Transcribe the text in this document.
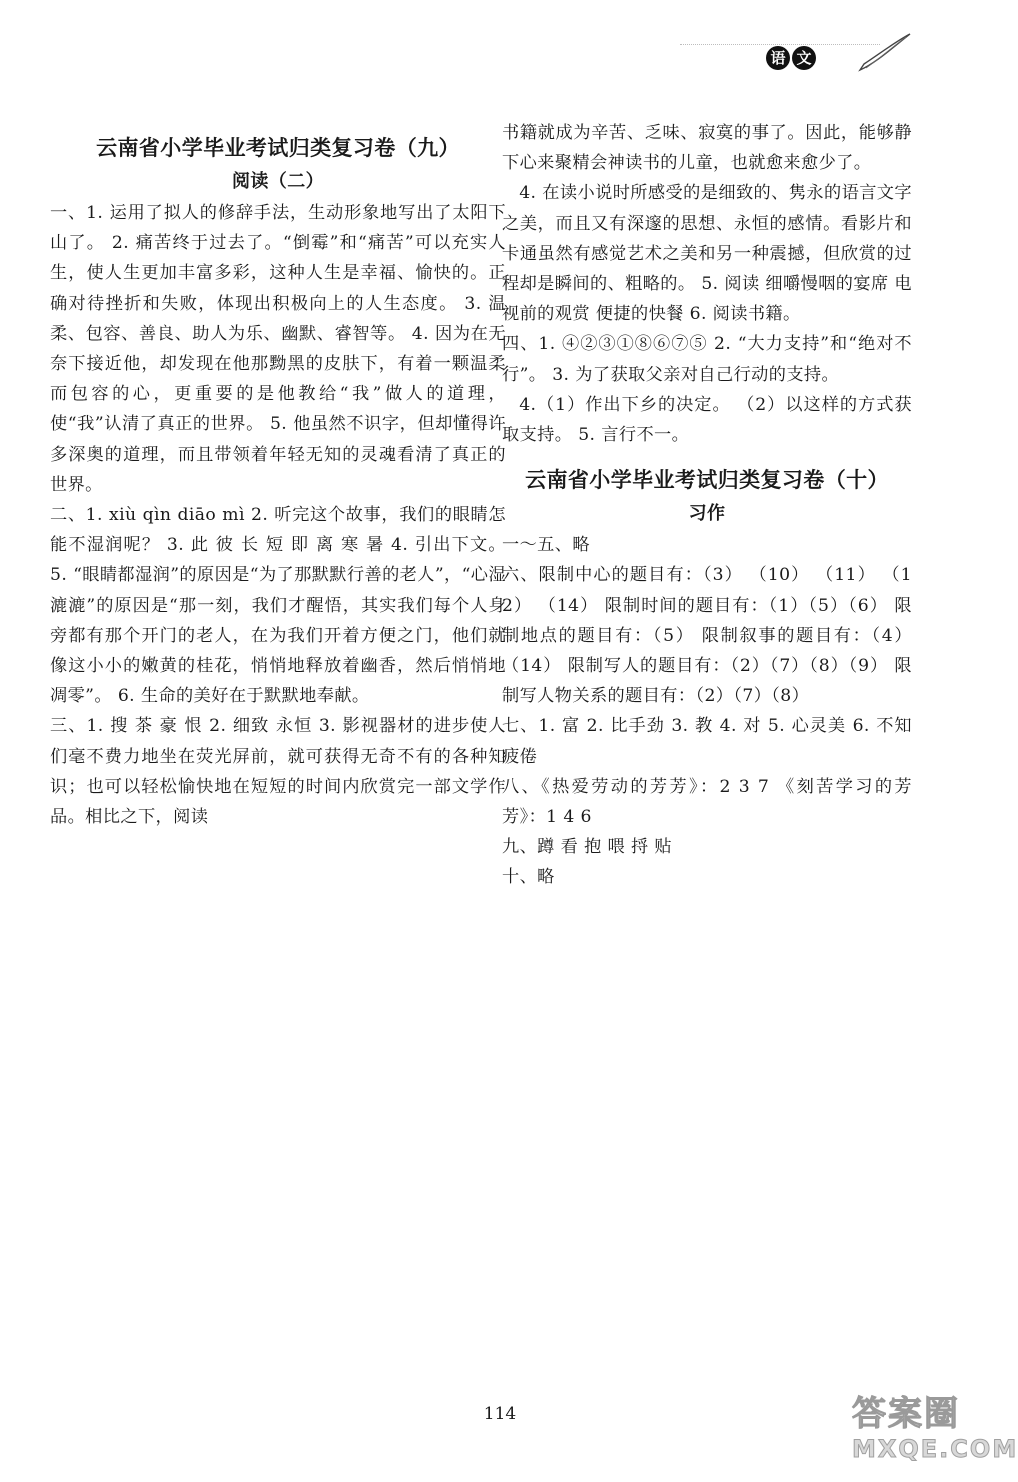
语 文
云南省小学毕业考试归类复习卷（九）
阅读（二）

一、1. 运用了拟人的修辞手法，生动形象地写出了太阳下山了。 2. 痛苦终于过去了。“倒霉”和“痛苦”可以充实人生，使人生更加丰富多彩，这种人生是幸福、愉快的。正确对待挫折和失败，体现出积极向上的人生态度。 3. 温柔、包容、善良、助人为乐、幽默、睿智等。 4. 因为在无奈下接近他，却发现在他那黝黑的皮肤下，有着一颗温柔而包容的心，更重要的是他教给“我”做人的道理，使“我”认清了真正的世界。 5. 他虽然不识字，但却懂得许多深奥的道理，而且带领着年轻无知的灵魂看清了真正的世界。

二、1. xiù qìn diāo mì 2. 听完这个故事，我们的眼睛怎能不湿润呢？ 3. 此 彼 长 短 即 离 寒 暑 4. 引出下文。 5. “眼睛都湿润”的原因是“为了那默默行善的老人”，“心湿漉漉”的原因是“那一刻，我们才醒悟，其实我们每个人身旁都有那个开门的老人，在为我们开着方便之门，他们就像这小小的嫩黄的桂花，悄悄地释放着幽香，然后悄悄地凋零”。 6. 生命的美好在于默默地奉献。

三、1. 搜 茶 豪 恨 2. 细致 永恒 3. 影视器材的进步使人们毫不费力地坐在荧光屏前，就可获得无奇不有的各种知识；也可以轻松愉快地在短短的时间内欣赏完一部文学作品。相比之下，阅读

书籍就成为辛苦、乏味、寂寞的事了。因此，能够静下心来聚精会神读书的儿童，也就愈来愈少了。

4. 在读小说时所感受的是细致的、隽永的语言文字之美，而且又有深邃的思想、永恒的感情。看影片和卡通虽然有感觉艺术之美和另一种震撼，但欣赏的过程却是瞬间的、粗略的。 5. 阅读 细嚼慢咽的宴席 电视前的观赏 便捷的快餐 6. 阅读书籍。

四、1. ④②③①⑧⑥⑦⑤ 2. “大力支持”和“绝对不行”。 3. 为了获取父亲对自己行动的支持。

4.（1）作出下乡的决定。 （2）以这样的方式获取支持。 5. 言行不一。

云南省小学毕业考试归类复习卷（十）
习作

一～五、略

六、限制中心的题目有：（3） （10） （11） （12） （14） 限制时间的题目有：（1）（5）（6） 限制地点的题目有：（5） 限制叙事的题目有：（4） （14） 限制写人的题目有：（2）（7）（8）（9） 限制写人物关系的题目有：（2）（7）（8）

七、1. 富 2. 比手劲 3. 教 4. 对 5. 心灵美 6. 不知疲倦

八、《热爱劳动的芳芳》：2 3 7 《刻苦学习的芳芳》：1 4 6

九、蹲 看 抱 喂 捋 贴

十、略

114	答案圈
MXQE.COM
